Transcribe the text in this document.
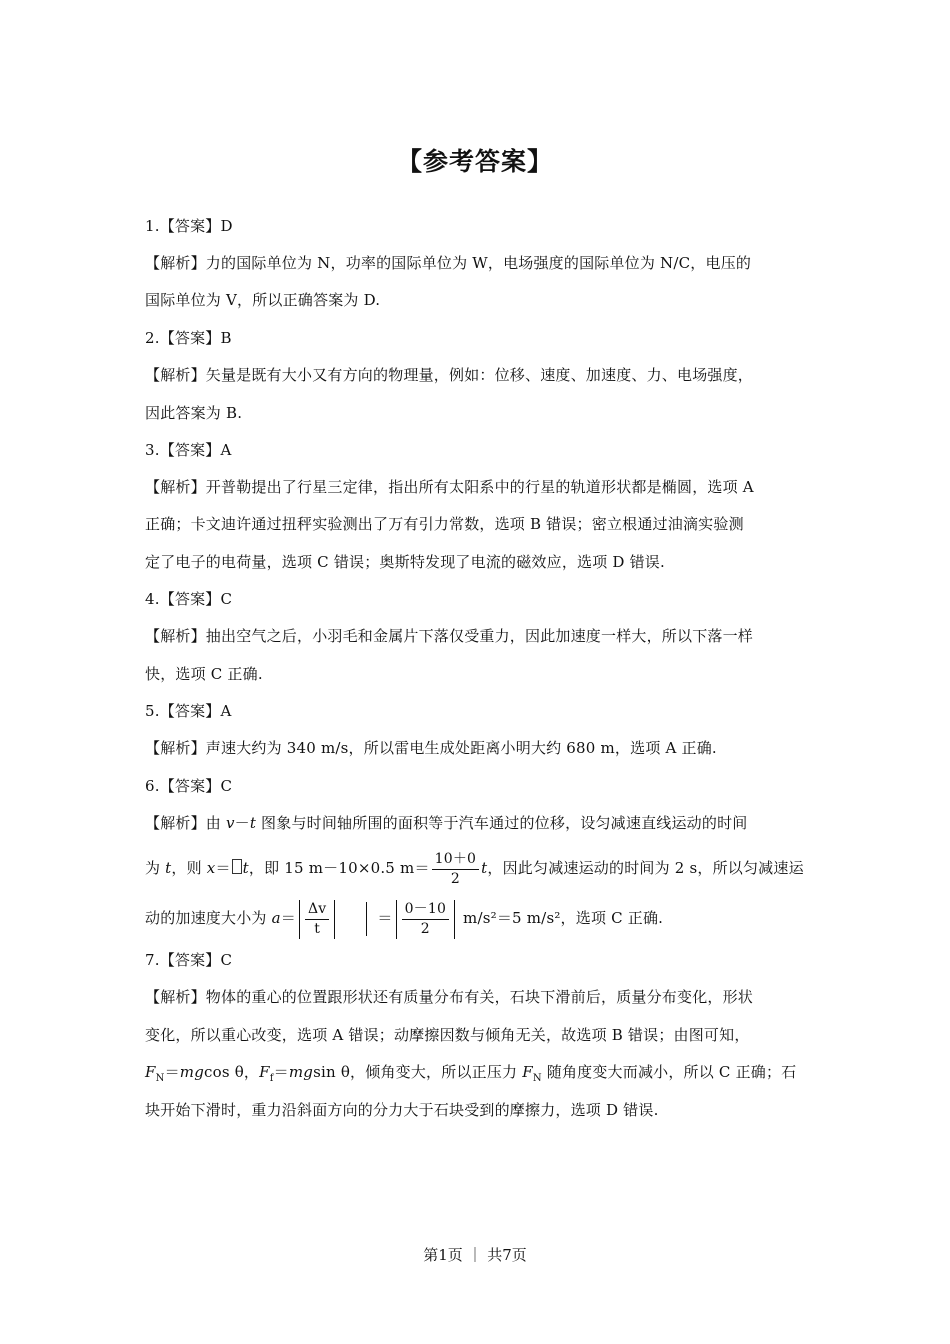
【参考答案】
1.【答案】D
【解析】力的国际单位为 N，功率的国际单位为 W，电场强度的国际单位为 N/C，电压的
国际单位为 V，所以正确答案为 D.
2.【答案】B
【解析】矢量是既有大小又有方向的物理量，例如：位移、速度、加速度、力、电场强度，
因此答案为 B.
3.【答案】A
【解析】开普勒提出了行星三定律，指出所有太阳系中的行星的轨道形状都是椭圆，选项 A
正确；卡文迪许通过扭秤实验测出了万有引力常数，选项 B 错误；密立根通过油滴实验测
定了电子的电荷量，选项 C 错误；奥斯特发现了电流的磁效应，选项 D 错误.
4.【答案】C
【解析】抽出空气之后，小羽毛和金属片下落仅受重力，因此加速度一样大，所以下落一样
快，选项 C 正确.
5.【答案】A
【解析】声速大约为 340 m/s，所以雷电生成处距离小明大约 680 m，选项 A 正确.
6.【答案】C
【解析】由 v－t 图象与时间轴所围的面积等于汽车通过的位移，设匀减速直线运动的时间
为 t，则 x＝ t，即 15 m－10×0.5 $m= \frac{10+0}{2}$ t，因此匀减速运动的时间为 2 s，所以匀减速运
动的加速度大小为 $a= \frac{\Delta v}{t}$	＝ $\frac{0-10}{2} m/s^2=5$ m/s²，选项 C 正确.
7.【答案】C
【解析】物体的重心的位置跟形状还有质量分布有关，石块下滑前后，质量分布变化，形状
变化，所以重心改变，选项 A 错误；动摩擦因数与倾角无关，故选项 B 错误；由图可知，
$F_N=mgcos$ θ，$F_f=mgsin$ θ，倾角变大，所以正压力 $F_N$ 随角度变大而减小，所以 C 正确；石
块开始下滑时，重力沿斜面方向的分力大于石块受到的摩擦力，选项 D 错误.
第1页 ｜ 共7页
